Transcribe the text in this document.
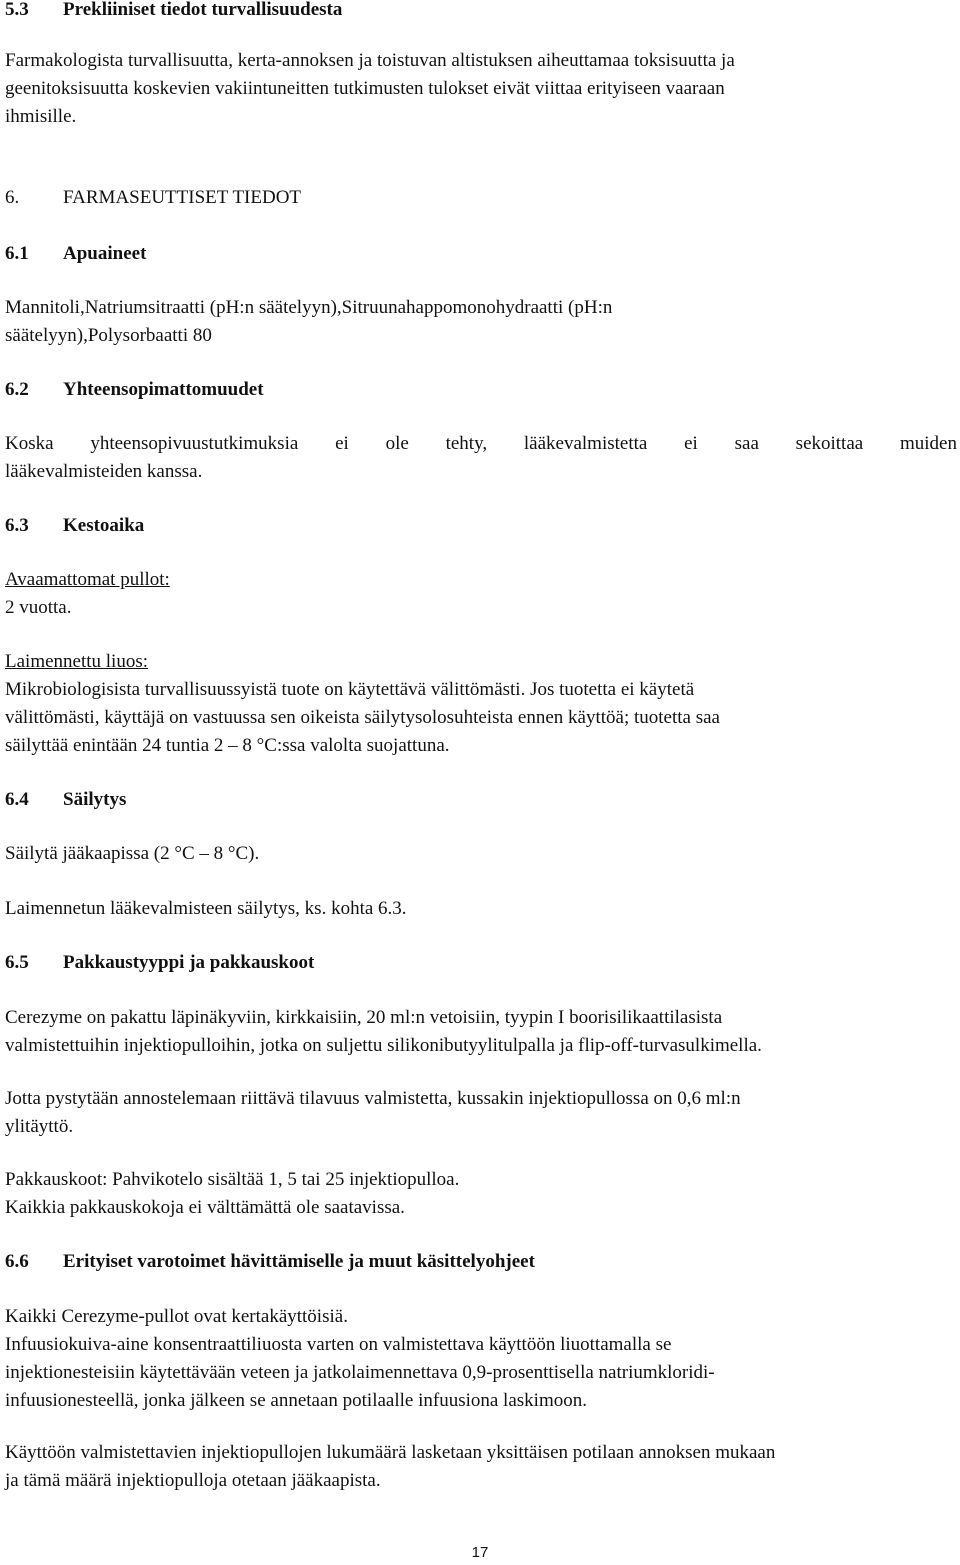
5.3 Prekliiniset tiedot turvallisuudesta
Farmakologista turvallisuutta, kerta-annoksen ja toistuvan altistuksen aiheuttamaa toksisuutta ja
geenitoksisuutta koskevien vakiintuneitten tutkimusten tulokset eivät viittaa erityiseen vaaraan
ihmisille.
6. FARMASEUTTISET TIEDOT
6.1 Apuaineet
Mannitoli,Natriumsitraatti (pH:n säätelyyn),Sitruunahappomonohydraatti (pH:n
säätelyyn),Polysorbaatti 80
6.2 Yhteensopimattomuudet
Koska yhteensopivuustutkimuksia ei ole tehty, lääkevalmistetta ei saa sekoittaa muiden
lääkevalmisteiden kanssa.
6.3 Kestoaika
Avaamattomat pullot:
2 vuotta.
Laimennettu liuos:
Mikrobiologisista turvallisuussyistä tuote on käytettävä välittömästi. Jos tuotetta ei käytetä
välittömästi, käyttäjä on vastuussa sen oikeista säilytysolosuhteista ennen käyttöä; tuotetta saa
säilyttää enintään 24 tuntia 2 – 8 °C:ssa valolta suojattuna.
6.4 Säilytys
Säilytä jääkaapissa (2 °C – 8 °C).
Laimennetun lääkevalmisteen säilytys, ks. kohta 6.3.
6.5 Pakkaustyyppi ja pakkauskoot
Cerezyme on pakattu läpinäkyviin, kirkkaisiin, 20 ml:n vetoisiin, tyypin I boorisilikaattilasista
valmistettuihin injektiopulloihin, jotka on suljettu silikonibutyylitulpalla ja flip-off-turvasulkimella.
Jotta pystytään annostelemaan riittävä tilavuus valmistetta, kussakin injektiopullossa on 0,6 ml:n
ylitäyttö.
Pakkauskoot: Pahvikotelo sisältää 1, 5 tai 25 injektiopulloa.
Kaikkia pakkauskokoja ei välttämättä ole saatavissa.
6.6 Erityiset varotoimet hävittämiselle ja muut käsittelyohjeet
Kaikki Cerezyme-pullot ovat kertakäyttöisiä.
Infuusiokuiva-aine konsentraattiliuosta varten on valmistettava käyttöön liuottamalla se
injektionesteisiin käytettävään veteen ja jatkolaimennettava 0,9-prosenttisella natriumkloridi-
infuusionesteellä, jonka jälkeen se annetaan potilaalle infuusiona laskimoon.
Käyttöön valmistettavien injektiopullojen lukumäärä lasketaan yksittäisen potilaan annoksen mukaan
ja tämä määrä injektiopulloja otetaan jääkaapista.
17
